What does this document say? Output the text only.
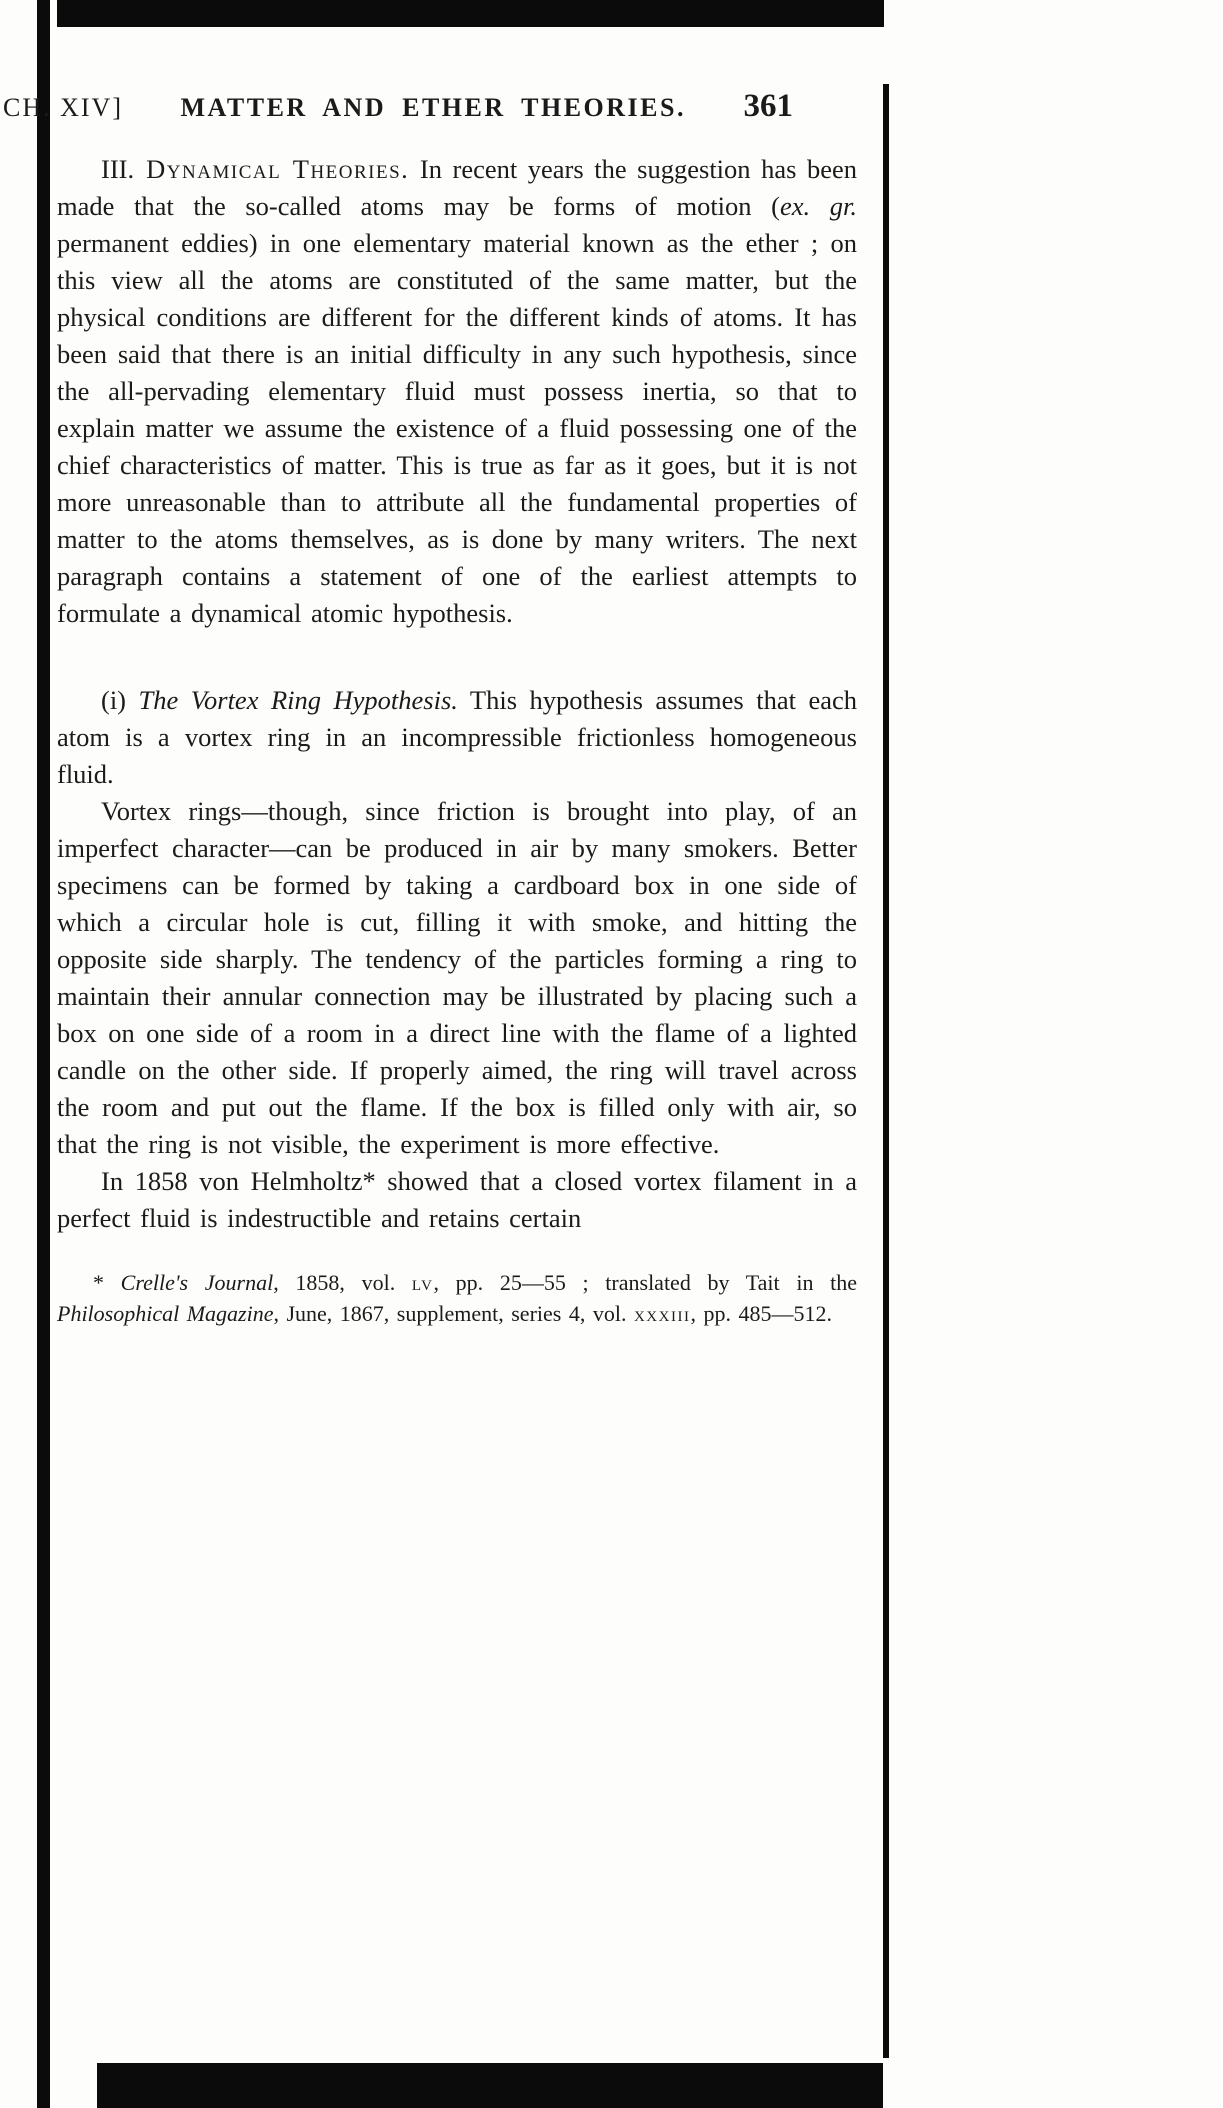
CH. XIV] MATTER AND ETHER THEORIES. 361

III. Dynamical Theories. In recent years the suggestion has been made that the so-called atoms may be forms of motion (ex. gr. permanent eddies) in one elementary material known as the ether ; on this view all the atoms are constituted of the same matter, but the physical conditions are different for the different kinds of atoms. It has been said that there is an initial difficulty in any such hypothesis, since the all-pervading elementary fluid must possess inertia, so that to explain matter we assume the existence of a fluid possessing one of the chief characteristics of matter. This is true as far as it goes, but it is not more unreasonable than to attribute all the fundamental properties of matter to the atoms themselves, as is done by many writers. The next paragraph contains a statement of one of the earliest attempts to formulate a dynamical atomic hypothesis.

(i) The Vortex Ring Hypothesis. This hypothesis assumes that each atom is a vortex ring in an incompressible frictionless homogeneous fluid.

Vortex rings—though, since friction is brought into play, of an imperfect character—can be produced in air by many smokers. Better specimens can be formed by taking a cardboard box in one side of which a circular hole is cut, filling it with smoke, and hitting the opposite side sharply. The tendency of the particles forming a ring to maintain their annular connection may be illustrated by placing such a box on one side of a room in a direct line with the flame of a lighted candle on the other side. If properly aimed, the ring will travel across the room and put out the flame. If the box is filled only with air, so that the ring is not visible, the experiment is more effective.

In 1858 von Helmholtz* showed that a closed vortex filament in a perfect fluid is indestructible and retains certain

* Crelle's Journal, 1858, vol. lv, pp. 25—55 ; translated by Tait in the Philosophical Magazine, June, 1867, supplement, series 4, vol. xxxiii, pp. 485—512.
